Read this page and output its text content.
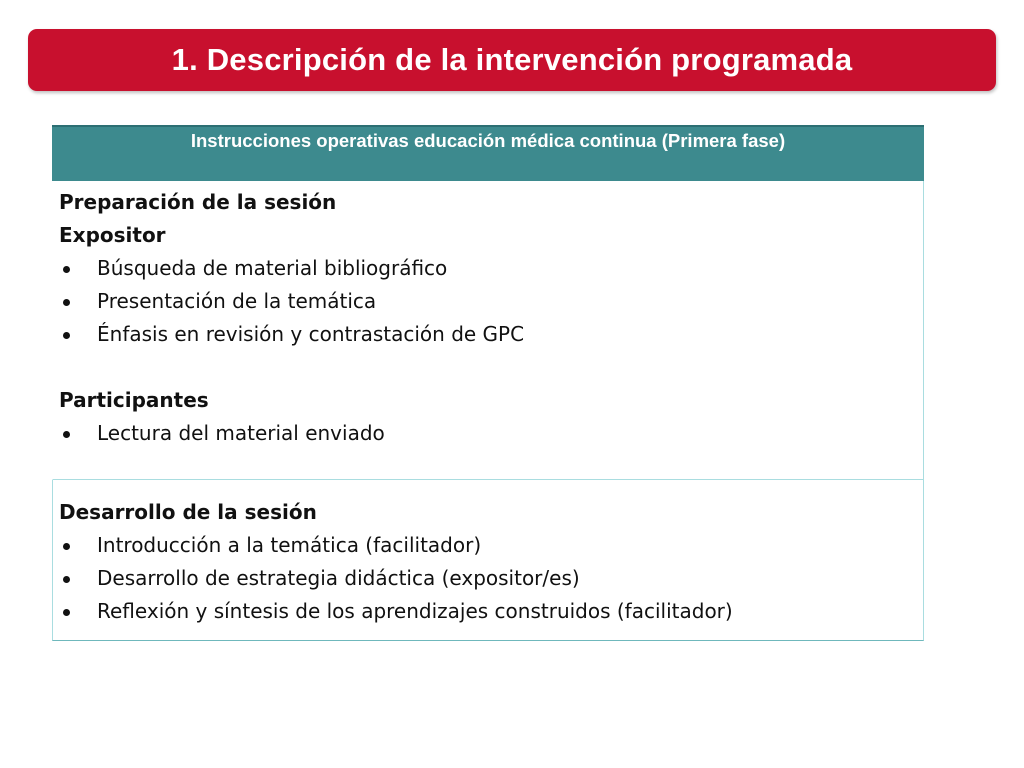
1. Descripción de la intervención programada
Instrucciones operativas educación médica continua (Primera fase)
Preparación de la sesión
Expositor
Búsqueda de material bibliográfico
Presentación de la temática
Énfasis en revisión y contrastación de GPC
Participantes
Lectura del material enviado
Desarrollo de la sesión
Introducción a la temática (facilitador)
Desarrollo de estrategia didáctica (expositor/es)
Reflexión y síntesis de los aprendizajes construidos (facilitador)
